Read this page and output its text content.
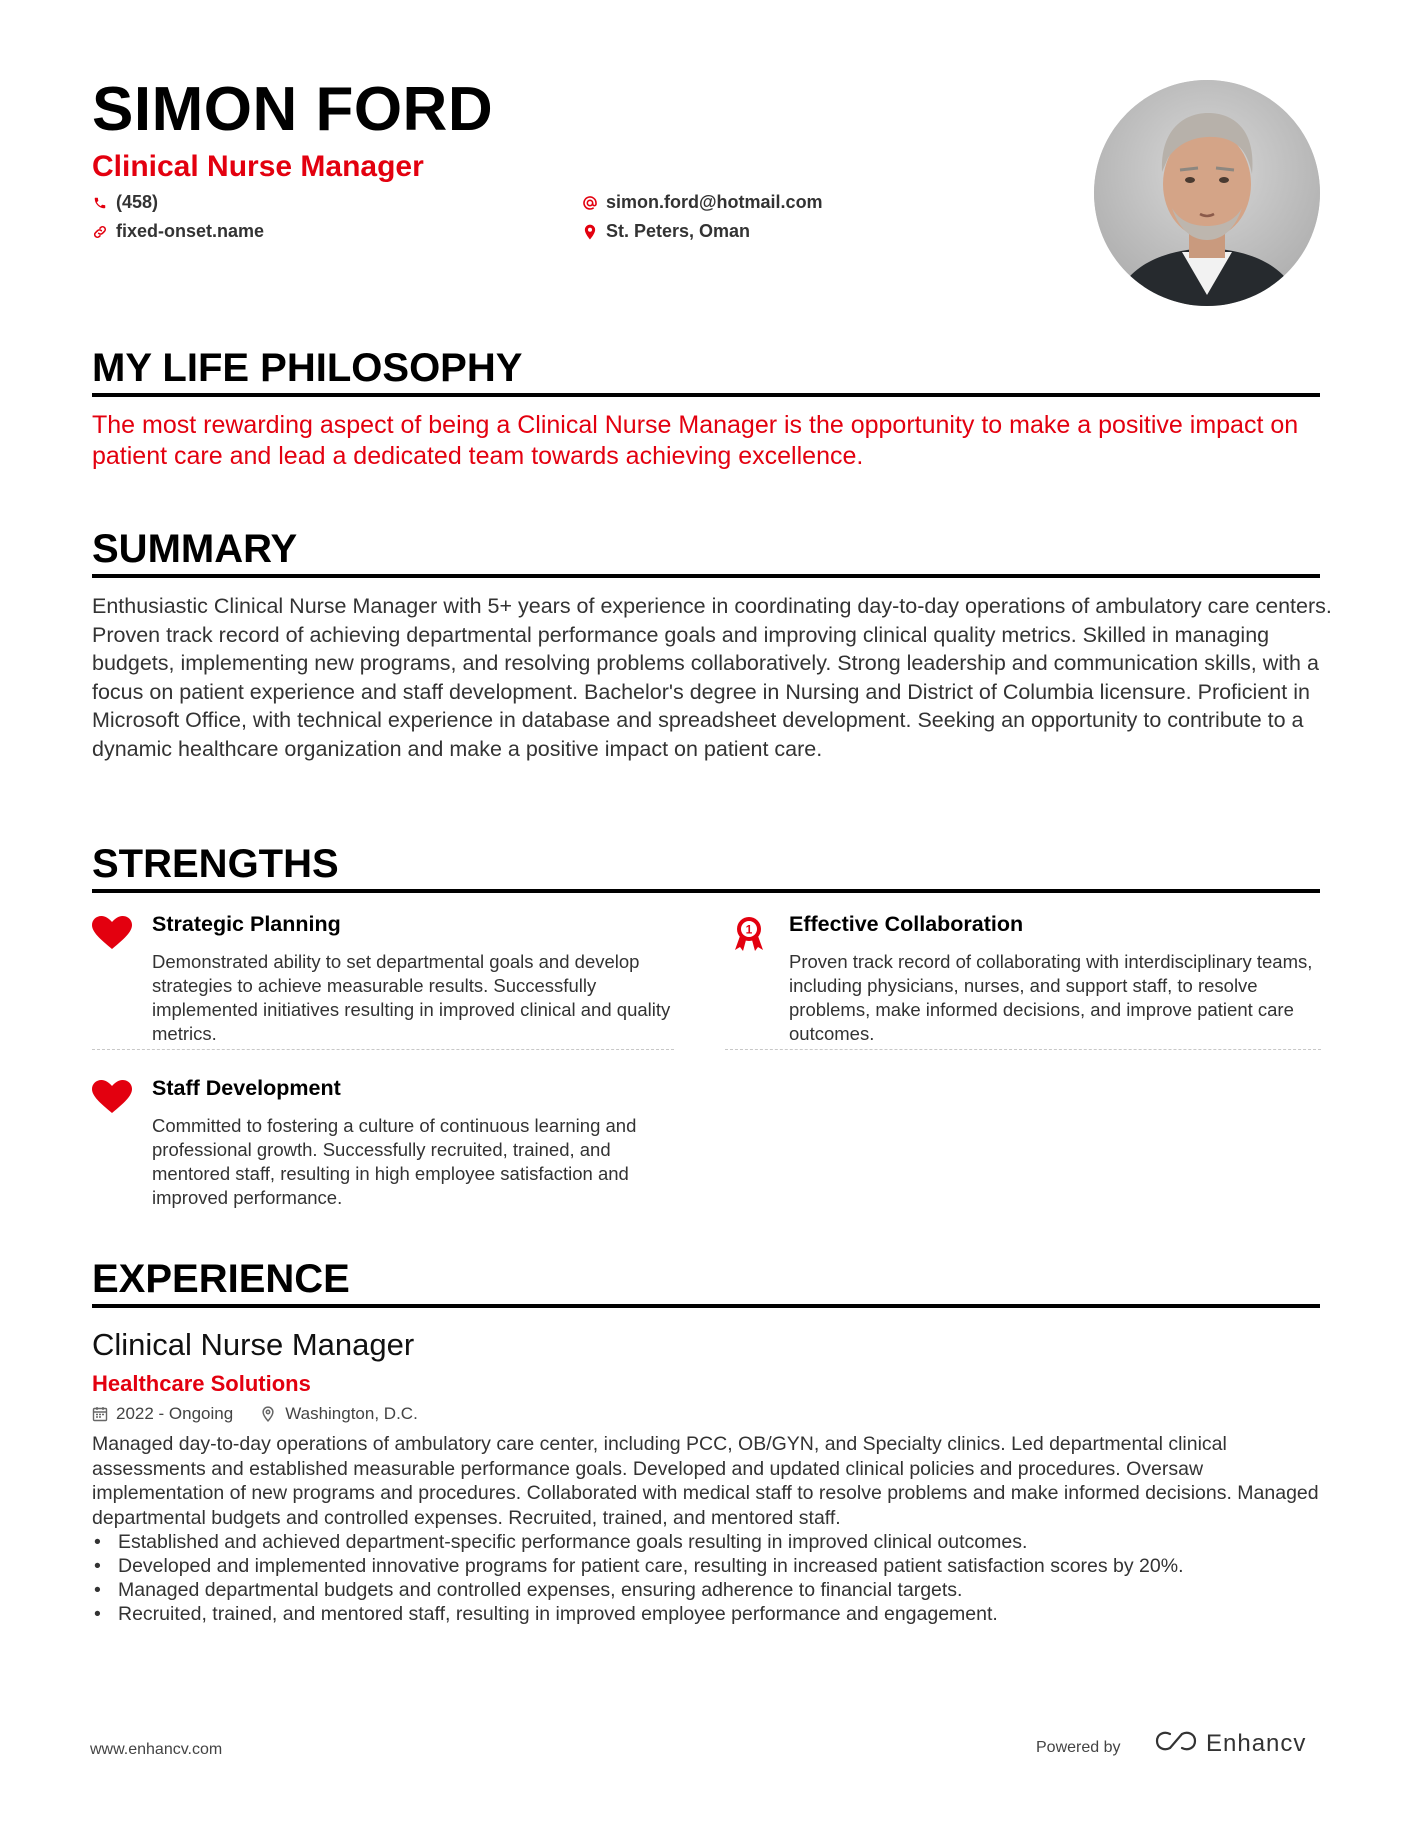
SIMON FORD
Clinical Nurse Manager
(458)
fixed-onset.name
simon.ford@hotmail.com
St. Peters, Oman
MY LIFE PHILOSOPHY
The most rewarding aspect of being a Clinical Nurse Manager is the opportunity to make a positive impact on patient care and lead a dedicated team towards achieving excellence.
SUMMARY
Enthusiastic Clinical Nurse Manager with 5+ years of experience in coordinating day-to-day operations of ambulatory care centers. Proven track record of achieving departmental performance goals and improving clinical quality metrics. Skilled in managing budgets, implementing new programs, and resolving problems collaboratively. Strong leadership and communication skills, with a focus on patient experience and staff development. Bachelor's degree in Nursing and District of Columbia licensure. Proficient in Microsoft Office, with technical experience in database and spreadsheet development. Seeking an opportunity to contribute to a dynamic healthcare organization and make a positive impact on patient care.
STRENGTHS
Strategic Planning
Demonstrated ability to set departmental goals and develop strategies to achieve measurable results. Successfully implemented initiatives resulting in improved clinical and quality metrics.
1 Effective Collaboration
Proven track record of collaborating with interdisciplinary teams, including physicians, nurses, and support staff, to resolve problems, make informed decisions, and improve patient care outcomes.
Staff Development
Committed to fostering a culture of continuous learning and professional growth. Successfully recruited, trained, and mentored staff, resulting in high employee satisfaction and improved performance.
EXPERIENCE
Clinical Nurse Manager
Healthcare Solutions
2022 - Ongoing	Washington, D.C.
Managed day-to-day operations of ambulatory care center, including PCC, OB/GYN, and Specialty clinics. Led departmental clinical assessments and established measurable performance goals. Developed and updated clinical policies and procedures. Oversaw implementation of new programs and procedures. Collaborated with medical staff to resolve problems and make informed decisions. Managed departmental budgets and controlled expenses. Recruited, trained, and mentored staff.
• Established and achieved department-specific performance goals resulting in improved clinical outcomes.
• Developed and implemented innovative programs for patient care, resulting in increased patient satisfaction scores by 20%.
• Managed departmental budgets and controlled expenses, ensuring adherence to financial targets.
• Recruited, trained, and mentored staff, resulting in improved employee performance and engagement.
www.enhancv.com	Powered by	Enhancv
